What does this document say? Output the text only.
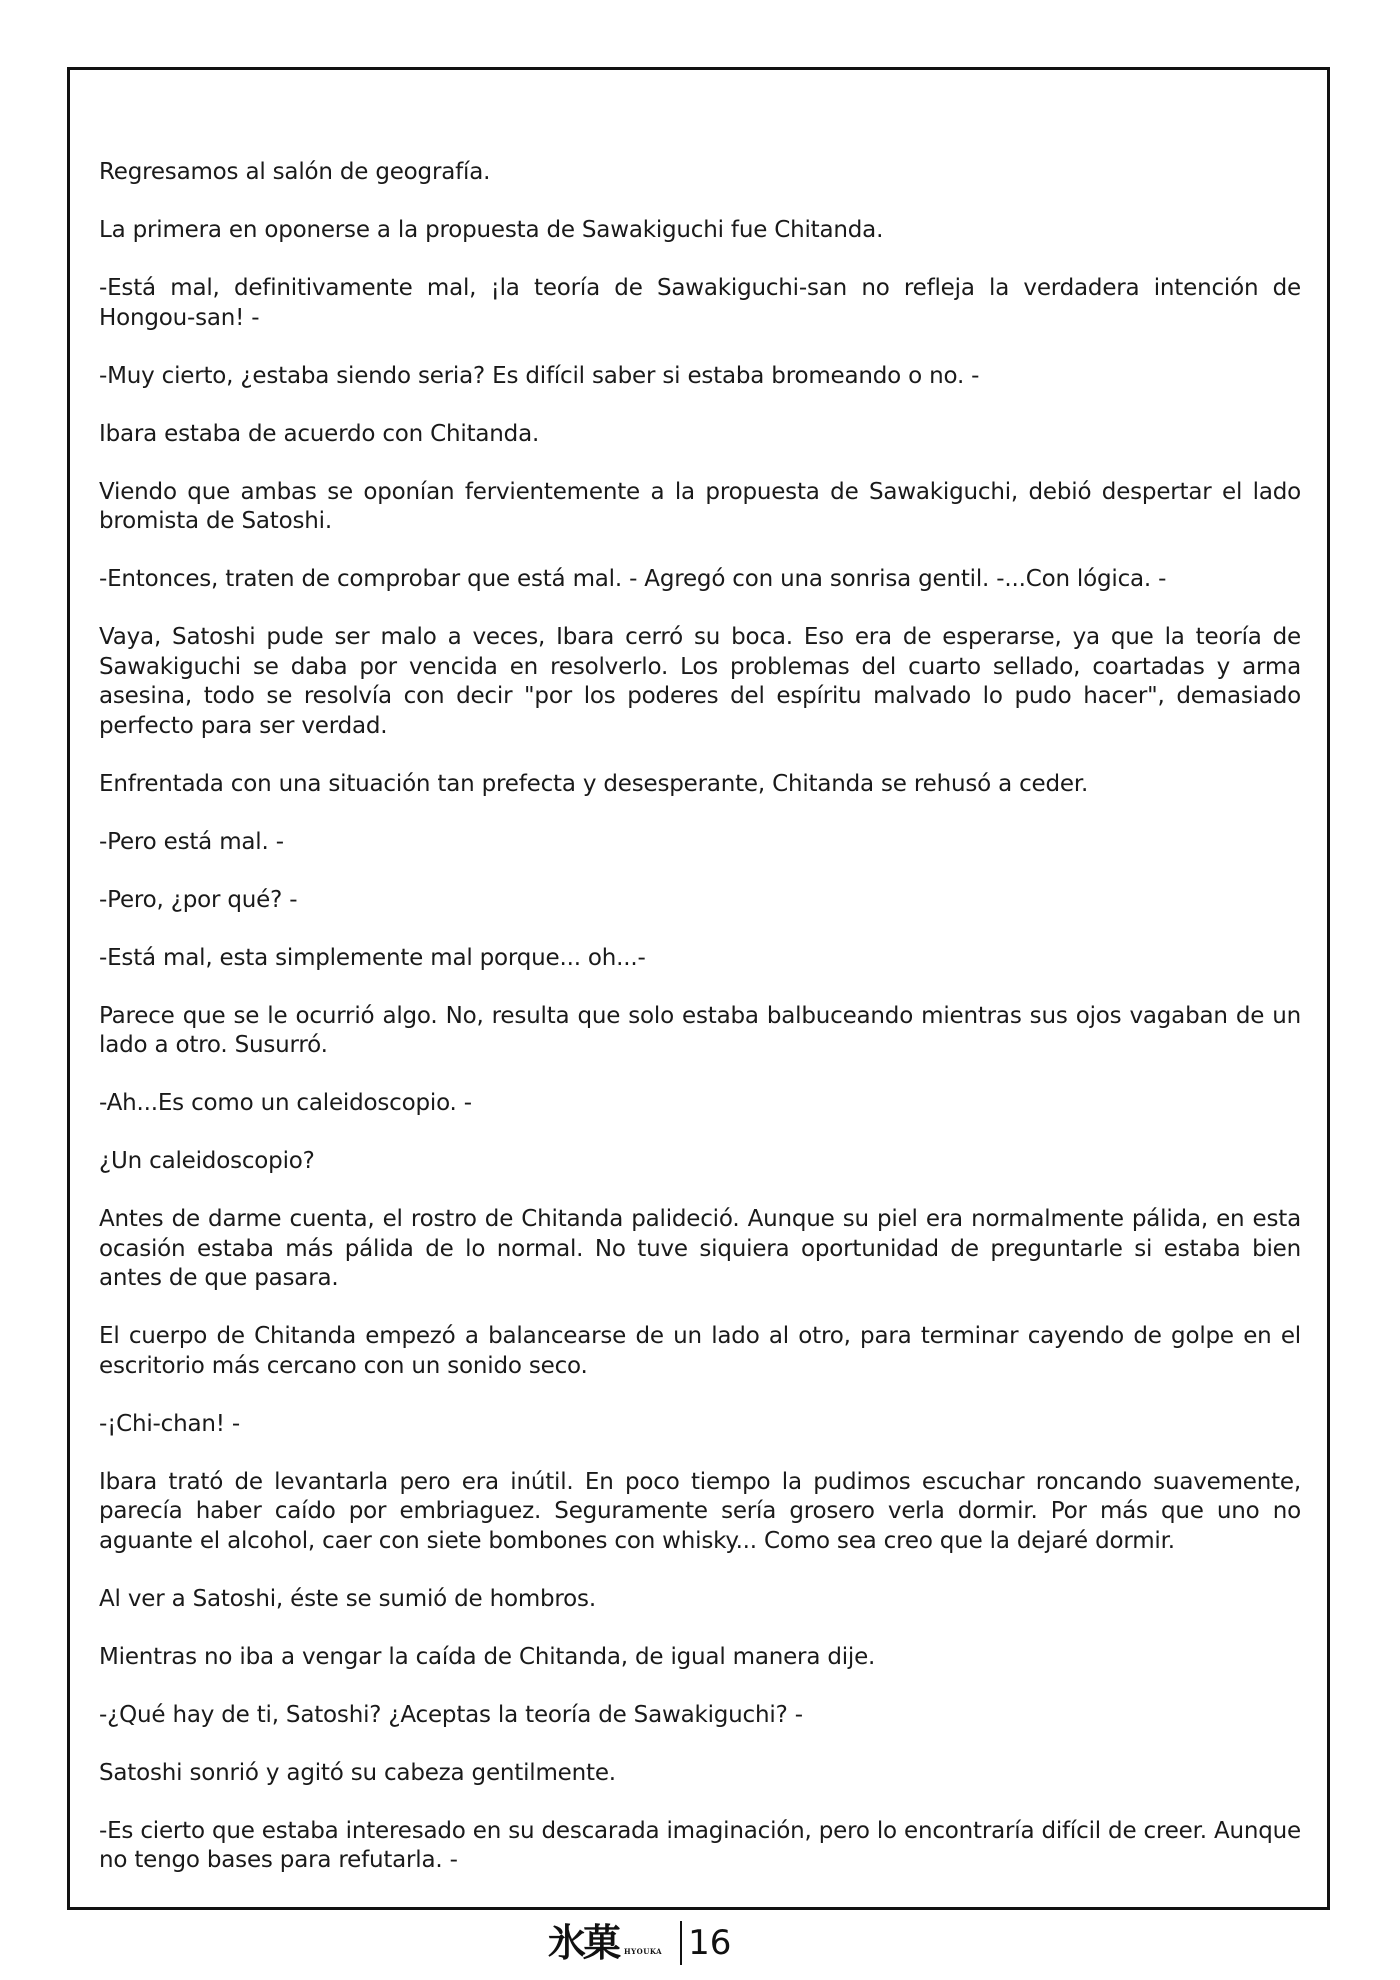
Regresamos al salón de geografía.

La primera en oponerse a la propuesta de Sawakiguchi fue Chitanda.

-Está mal, definitivamente mal, ¡la teoría de Sawakiguchi-san no refleja la verdadera intención de Hongou-san! -

-Muy cierto, ¿estaba siendo seria? Es difícil saber si estaba bromeando o no. -

Ibara estaba de acuerdo con Chitanda.

Viendo que ambas se oponían fervientemente a la propuesta de Sawakiguchi, debió despertar el lado bromista de Satoshi.

-Entonces, traten de comprobar que está mal. - Agregó con una sonrisa gentil. -...Con lógica. -

Vaya, Satoshi pude ser malo a veces, Ibara cerró su boca. Eso era de esperarse, ya que la teoría de Sawakiguchi se daba por vencida en resolverlo. Los problemas del cuarto sellado, coartadas y arma asesina, todo se resolvía con decir "por los poderes del espíritu malvado lo pudo hacer", demasiado perfecto para ser verdad.

Enfrentada con una situación tan prefecta y desesperante, Chitanda se rehusó a ceder.

-Pero está mal. -

-Pero, ¿por qué? -

-Está mal, esta simplemente mal porque... oh...-

Parece que se le ocurrió algo. No, resulta que solo estaba balbuceando mientras sus ojos vagaban de un lado a otro. Susurró.

-Ah...Es como un caleidoscopio. -

¿Un caleidoscopio?

Antes de darme cuenta, el rostro de Chitanda palideció. Aunque su piel era normalmente pálida, en esta ocasión estaba más pálida de lo normal. No tuve siquiera oportunidad de preguntarle si estaba bien antes de que pasara.

El cuerpo de Chitanda empezó a balancearse de un lado al otro, para terminar cayendo de golpe en el escritorio más cercano con un sonido seco.

-¡Chi-chan! -

Ibara trató de levantarla pero era inútil. En poco tiempo la pudimos escuchar roncando suavemente, parecía haber caído por embriaguez. Seguramente sería grosero verla dormir. Por más que uno no aguante el alcohol, caer con siete bombones con whisky... Como sea creo que la dejaré dormir.

Al ver a Satoshi, éste se sumió de hombros.

Mientras no iba a vengar la caída de Chitanda, de igual manera dije.

-¿Qué hay de ti, Satoshi? ¿Aceptas la teoría de Sawakiguchi? -

Satoshi sonrió y agitó su cabeza gentilmente.

-Es cierto que estaba interesado en su descarada imaginación, pero lo encontraría difícil de creer. Aunque no tengo bases para refutarla. -

氷菓 HYOUKA 16
